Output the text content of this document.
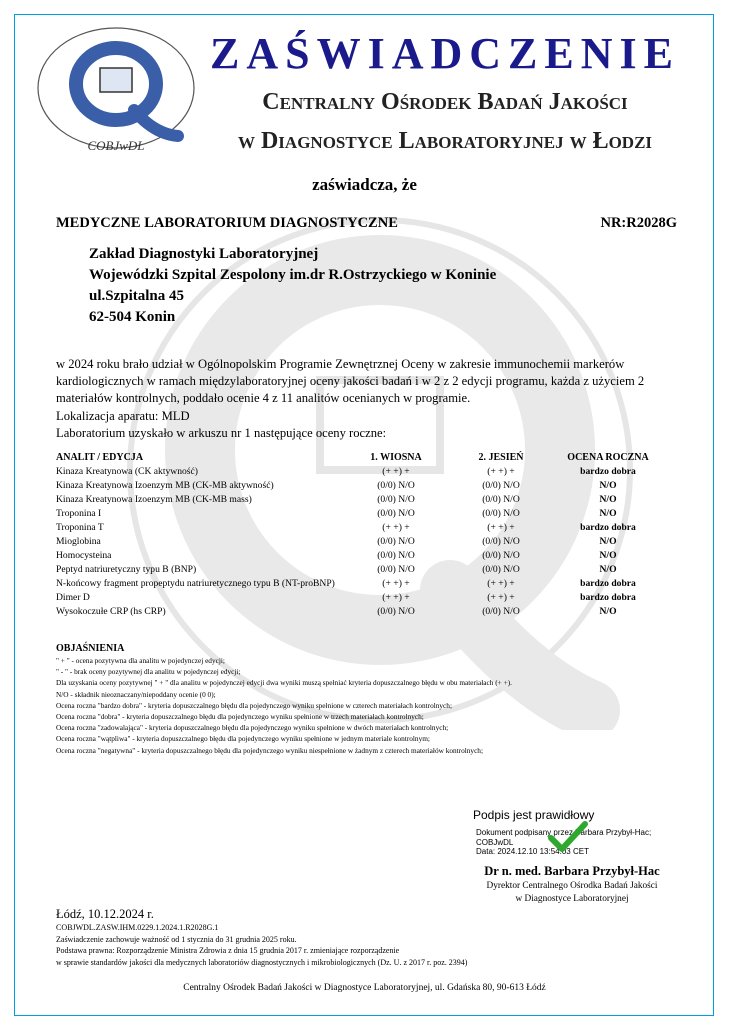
COBJwDL
ZAŚWIADCZENIE
Centralny Ośrodek Badań Jakości
w Diagnostyce Laboratoryjnej w Łodzi
zaświadcza, że
MEDYCZNE LABORATORIUM DIAGNOSTYCZNE	NR:R2028G
Zakład Diagnostyki Laboratoryjnej
Wojewódzki Szpital Zespolony im.dr R.Ostrzyckiego w Koninie
ul.Szpitalna 45
62-504 Konin

w 2024 roku brało udział w Ogólnopolskim Programie Zewnętrznej Oceny w zakresie immunochemii markerów kardiologicznych w ramach międzylaboratoryjnej oceny jakości badań i w 2 z 2 edycji programu, każda z użyciem 2 materiałów kontrolnych, poddało ocenie 4 z 11 analitów ocenianych w programie.

Lokalizacja aparatu: MLD

Laboratorium uzyskało w arkuszu nr 1 następujące oceny roczne:

ANALIT / EDYCJA	1. WIOSNA	2. JESIEŃ	OCENA ROCZNA
Kinaza Kreatynowa (CK aktywność)	(+ +) +	(+ +) +	bardzo dobra
Kinaza Kreatynowa Izoenzym MB (CK-MB aktywność)	(0/0) N/O	(0/0) N/O	N/O
Kinaza Kreatynowa Izoenzym MB (CK-MB mass)	(0/0) N/O	(0/0) N/O	N/O
Troponina I	(0/0) N/O	(0/0) N/O	N/O
Troponina T	(+ +) +	(+ +) +	bardzo dobra
Mioglobina	(0/0) N/O	(0/0) N/O	N/O
Homocysteina	(0/0) N/O	(0/0) N/O	N/O
Peptyd natriuretyczny typu B (BNP)	(0/0) N/O	(0/0) N/O	N/O
N-końcowy fragment propeptydu natriuretycznego typu B (NT-proBNP)	(+ +) +	(+ +) +	bardzo dobra
Dimer D	(+ +) +	(+ +) +	bardzo dobra
Wysokoczułe CRP (hs CRP)	(0/0) N/O	(0/0) N/O	N/O
OBJAŚNIENIA
" + " - ocena pozytywna dla analitu w pojedynczej edycji;
" - " - brak oceny pozytywnej dla analitu w pojedynczej edycji;
Dla uzyskania oceny pozytywnej " + " dla analitu w pojedynczej edycji dwa wyniki muszą spełniać kryteria dopuszczalnego błędu w obu materiałach (+ +).
N/O - składnik nieoznaczany/niepoddany ocenie (0 0);
Ocena roczna "bardzo dobra" - kryteria dopuszczalnego błędu dla pojedynczego wyniku spełnione w czterech materiałach kontrolnych;
Ocena roczna "dobra" - kryteria dopuszczalnego błędu dla pojedynczego wyniku spełnione w trzech materiałach kontrolnych;
Ocena roczna "zadowalająca" - kryteria dopuszczalnego błędu dla pojedynczego wyniku spełnione w dwóch materiałach kontrolnych;
Ocena roczna "wątpliwa" - kryteria dopuszczalnego błędu dla pojedynczego wyniku spełnione w jednym materiale kontrolnym;
Ocena roczna "negatywna" - kryteria dopuszczalnego błędu dla pojedynczego wyniku niespełnione w żadnym z czterech materiałów kontrolnych;
Podpis jest prawidłowy
Dokument podpisany przez Barbara Przybył-Hac;
COBJwDL
Data: 2024.12.10 13:54:03 CET
Dr n. med. Barbara Przybył-Hac
Dyrektor Centralnego Ośrodka Badań Jakości
w Diagnostyce Laboratoryjnej
Łódź, 10.12.2024 r.
COBJWDL.ZASW.IHM.0229.1.2024.1.R2028G.1
Zaświadczenie zachowuje ważność od 1 stycznia do 31 grudnia 2025 roku.
Podstawa prawna: Rozporządzenie Ministra Zdrowia z dnia 15 grudnia 2017 r. zmieniające rozporządzenie
w sprawie standardów jakości dla medycznych laboratoriów diagnostycznych i mikrobiologicznych (Dz. U. z 2017 r. poz. 2394)
Centralny Ośrodek Badań Jakości w Diagnostyce Laboratoryjnej, ul. Gdańska 80, 90-613 Łódź
